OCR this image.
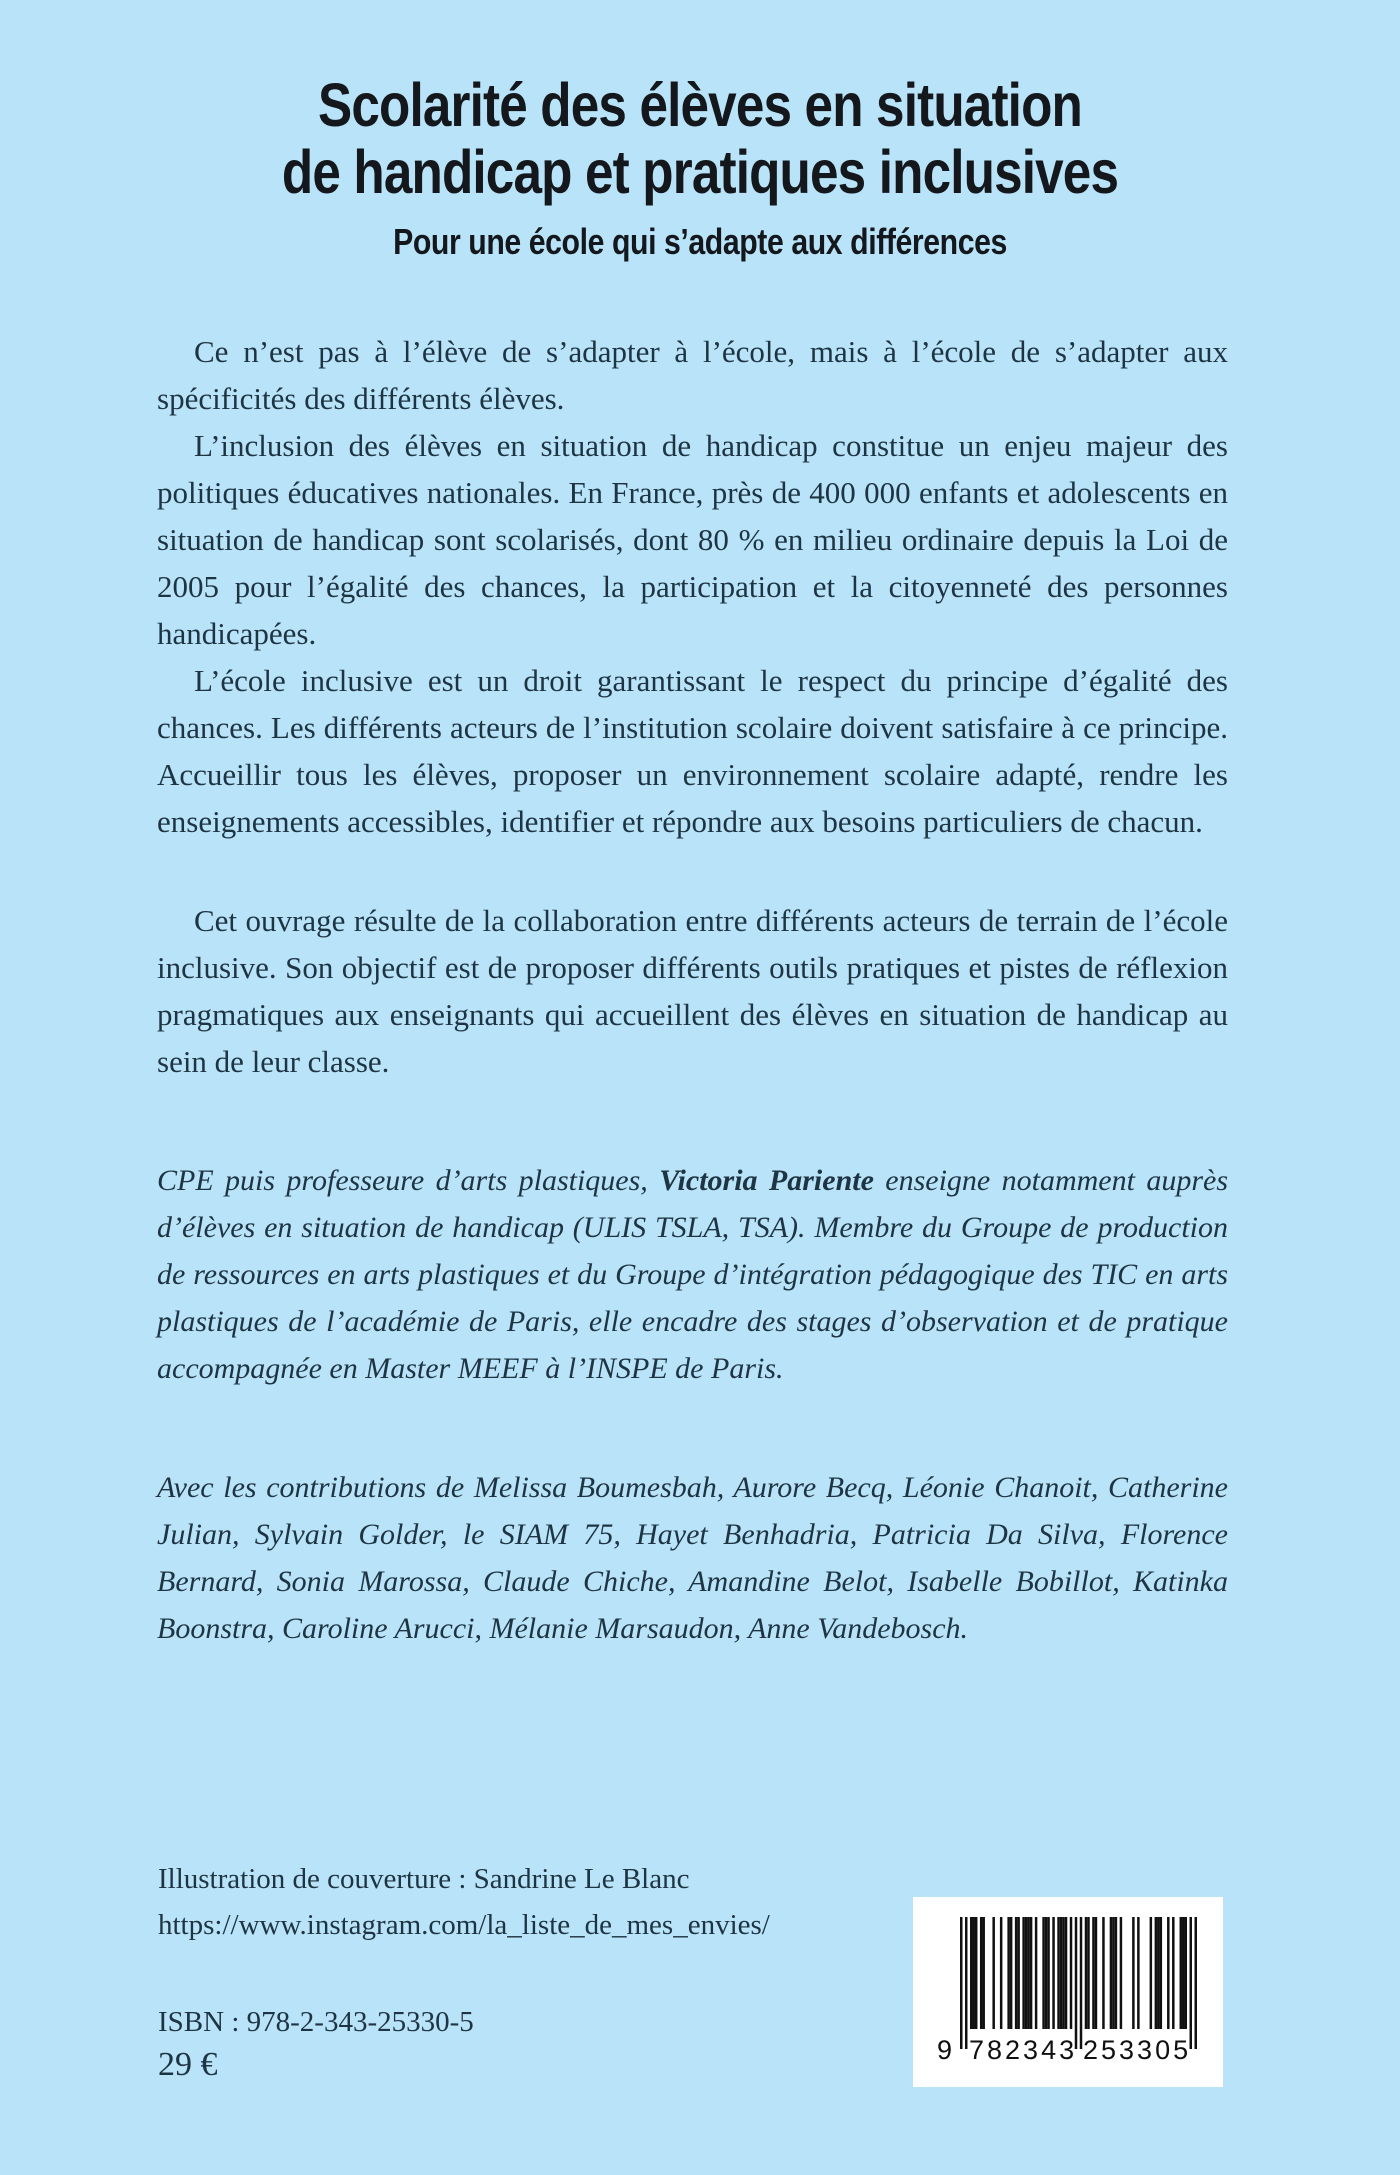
Scolarité des élèves en situation
de handicap et pratiques inclusives
Pour une école qui s’adapte aux différences

Ce n’est pas à l’élève de s’adapter à l’école, mais à l’école de s’adapter aux spécificités des différents élèves.

L’inclusion des élèves en situation de handicap constitue un enjeu majeur des politiques éducatives nationales. En France, près de 400 000 enfants et adolescents en situation de handicap sont scolarisés, dont 80 % en milieu ordinaire depuis la Loi de 2005 pour l’égalité des chances, la participation et la citoyenneté des personnes handicapées.

L’école inclusive est un droit garantissant le respect du principe d’égalité des chances. Les différents acteurs de l’institution scolaire doivent satisfaire à ce principe. Accueillir tous les élèves, proposer un environnement scolaire adapté, rendre les enseignements accessibles, identifier et répondre aux besoins particuliers de chacun.

Cet ouvrage résulte de la collaboration entre différents acteurs de terrain de l’école inclusive. Son objectif est de proposer différents outils pratiques et pistes de réflexion pragmatiques aux enseignants qui accueillent des élèves en situation de handicap au sein de leur classe.

CPE puis professeure d’arts plastiques, Victoria Pariente enseigne notamment auprès d’élèves en situation de handicap (ULIS TSLA, TSA). Membre du Groupe de production de ressources en arts plastiques et du Groupe d’intégration pédagogique des TIC en arts plastiques de l’académie de Paris, elle encadre des stages d’observation et de pratique accompagnée en Master MEEF à l’INSPE de Paris.

Avec les contributions de Melissa Boumesbah, Aurore Becq, Léonie Chanoit, Catherine Julian, Sylvain Golder, le SIAM 75, Hayet Benhadria, Patricia Da Silva, Florence Bernard, Sonia Marossa, Claude Chiche, Amandine Belot, Isabelle Bobillot, Katinka Boonstra, Caroline Arucci, Mélanie Marsaudon, Anne Vandebosch.

Illustration de couverture : Sandrine Le Blanc
https://www.instagram.com/la_liste_de_mes_envies/
ISBN : 978-2-343-25330-5
29 €	9 782343 253305
